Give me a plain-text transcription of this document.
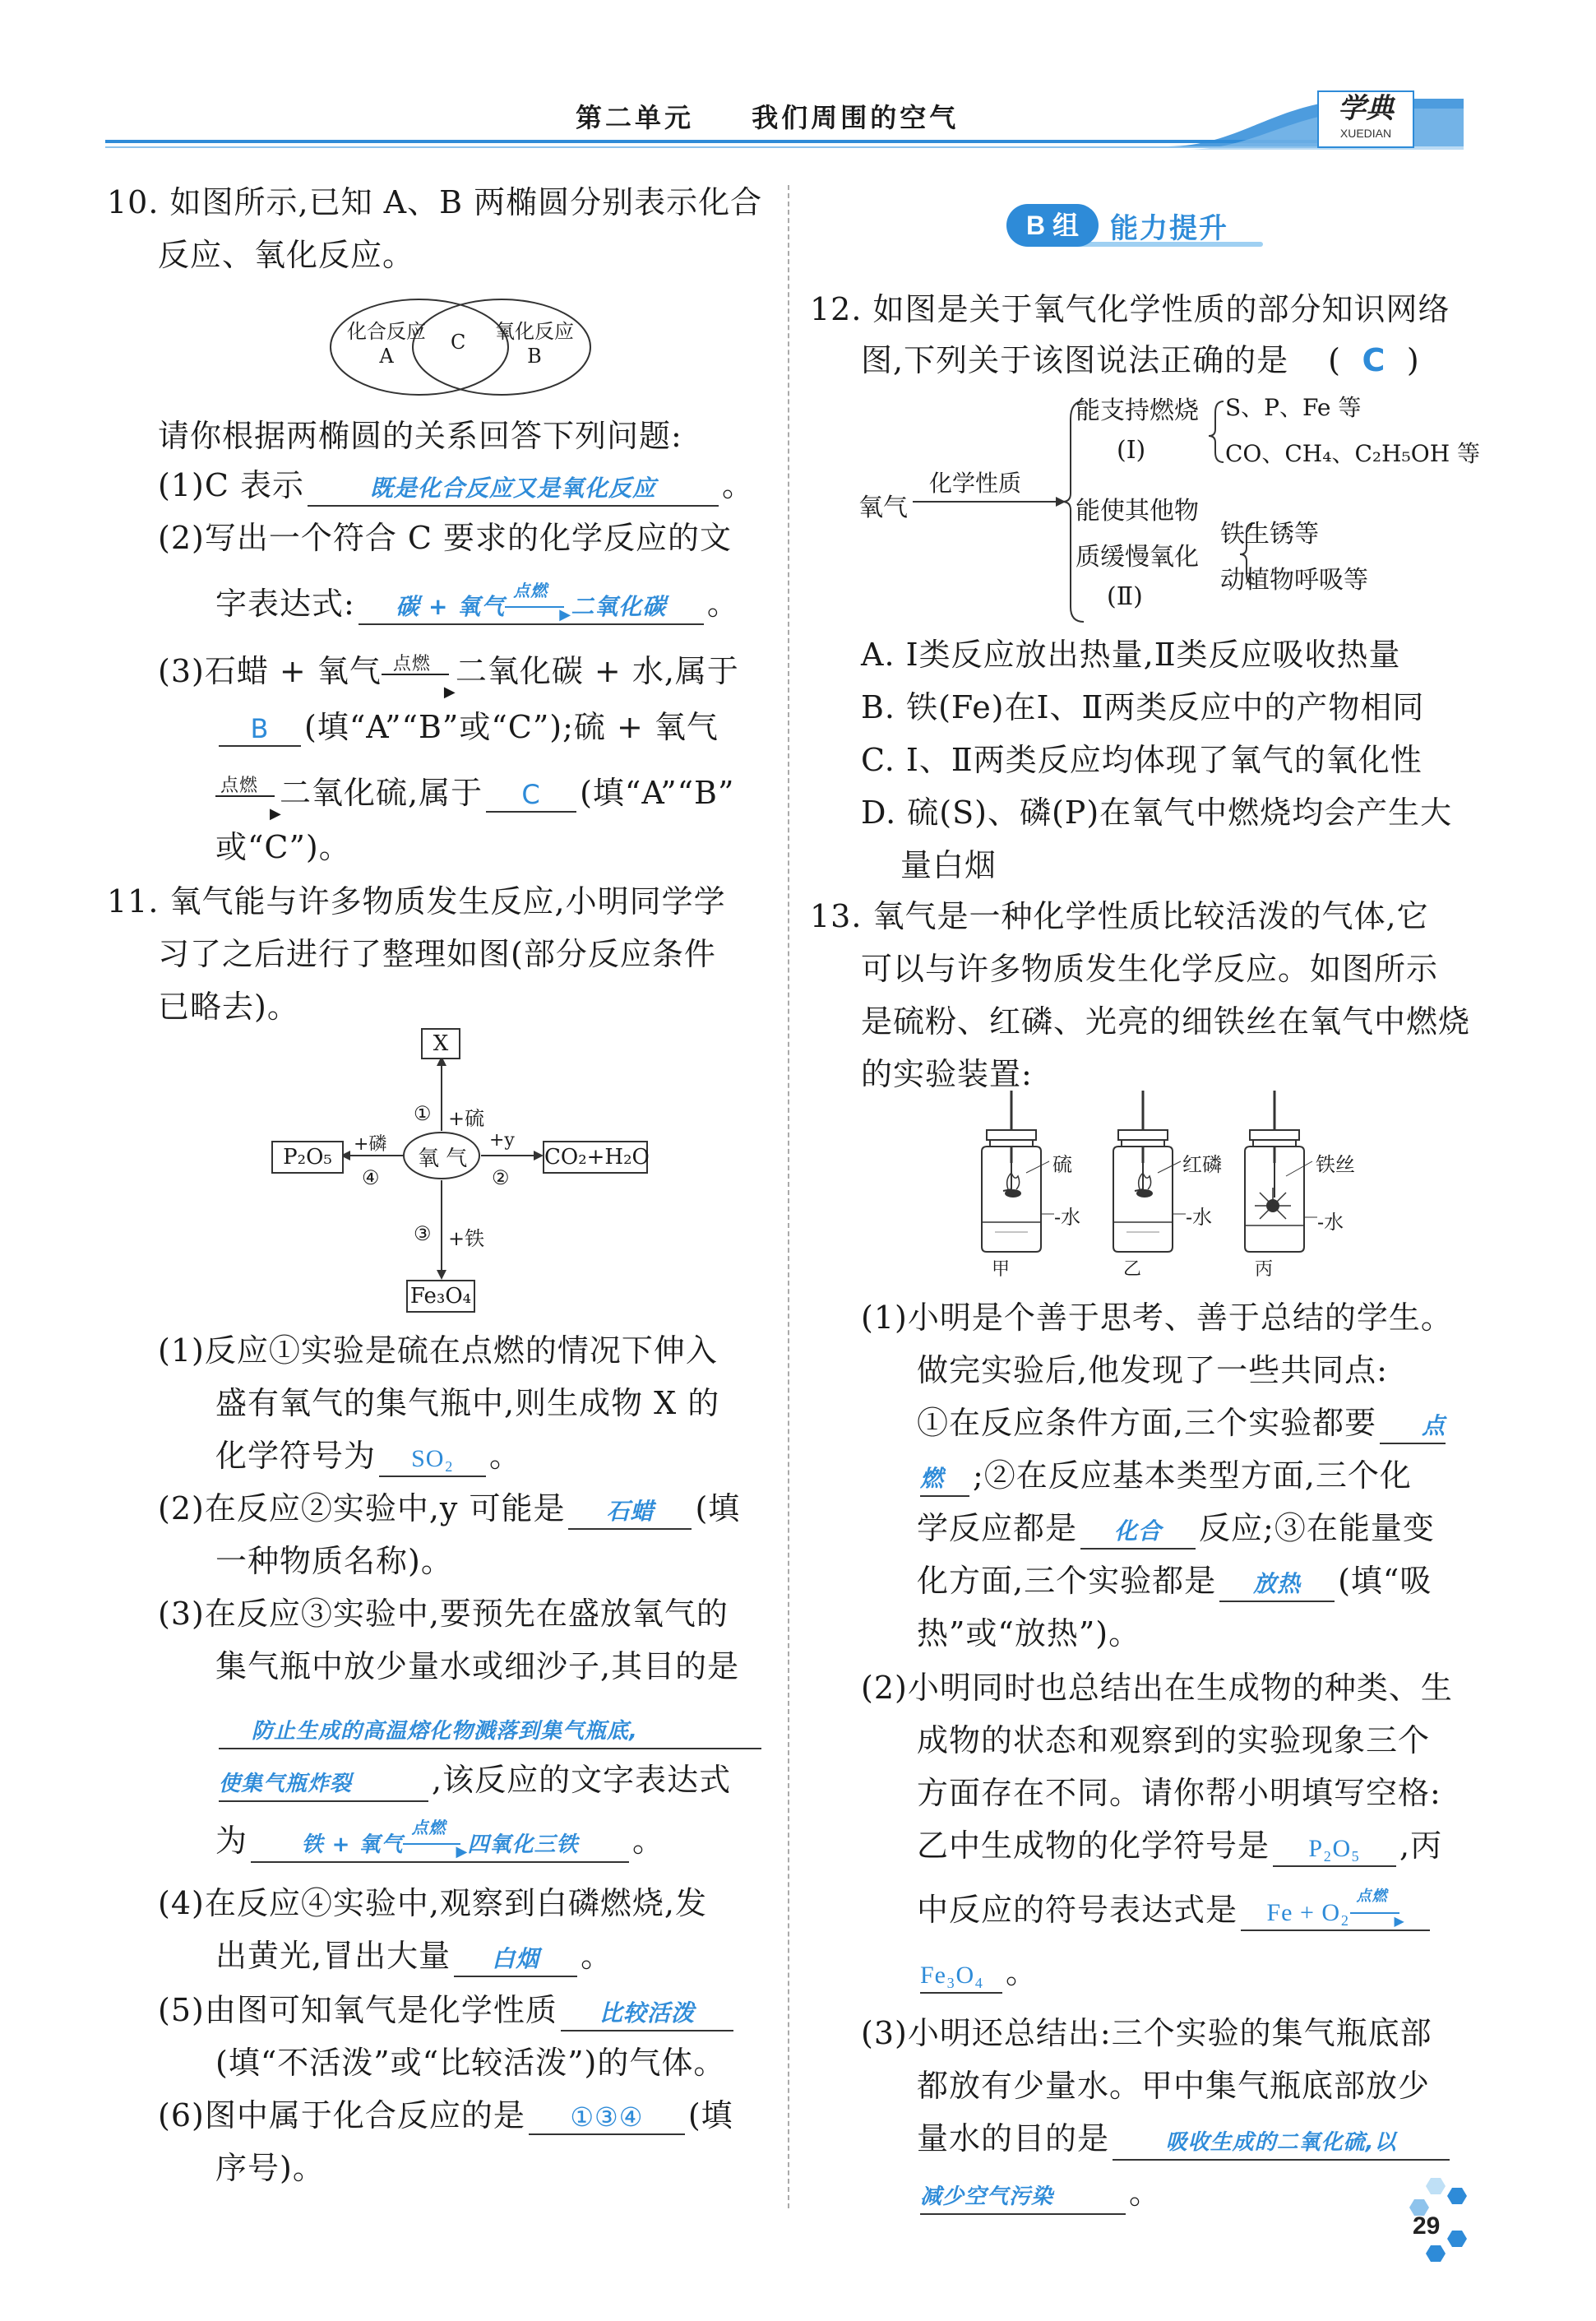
第二单元 我们周围的空气	学典
XUEDIAN
10. 如图所示,已知 A、B 两椭圆分别表示化合
反应、氧化反应。
化合反应
A
C	氧化反应
B
请你根据两椭圆的关系回答下列问题:
(1)C 表示	既是化合反应又是氧化反应 。
(2)写出一个符合 C 要求的化学反应的文
字表达式: 碳 + 氧气
点燃
▶ 二氧化碳 。
(3)石蜡 + 氧气 点燃
▶
二氧化碳 + 水,属于
B (填“A”“B”或“C”);硫 + 氧气
点燃
▶
二氧化硫,属于 C (填“A”“B”
或“C”)。
11. 氧气能与许多物质发生反应,小明同学学
习了之后进行了整理如图(部分反应条件
已略去)。
X
① +硫
P₂O₅
+磷
④
氧 气
+y
②
CO₂+H₂O
③ +铁
Fe₃O₄
(1)反应①实验是硫在点燃的情况下伸入
盛有氧气的集气瓶中,则生成物 X 的
化学符号为 SO₂ 。
(2)在反应②实验中,y 可能是 石蜡 (填
一种物质名称)。
(3)在反应③实验中,要预先在盛放氧气的
集气瓶中放少量水或细沙子,其目的是
防止生成的高温熔化物溅落到集气瓶底,
使集气瓶炸裂	,该反应的文字表达式
为	铁 + 氧气
点燃
▶ 四氧化三铁 。
(4)在反应④实验中,观察到白磷燃烧,发
出黄光,冒出大量 白烟 。
(5)由图可知氧气是化学性质 比较活泼
(填“不活泼”或“比较活泼”)的气体。
(6)图中属于化合反应的是 ①③④ (填
序号)。
B 组	能力提升
12. 如图是关于氧气化学性质的部分知识网络
图,下列关于该图说法正确的是 ( C )
氧气
化学性质
能支持燃烧
(Ⅰ)
S、P、Fe 等
CO、CH₄、C₂H₅OH 等
能使其他物
质缓慢氧化
(Ⅱ)
铁生锈等
动植物呼吸等
A. Ⅰ类反应放出热量,Ⅱ类反应吸收热量
B. 铁(Fe)在Ⅰ、Ⅱ两类反应中的产物相同
C. Ⅰ、Ⅱ两类反应均体现了氧气的氧化性
D. 硫(S)、磷(P)在氧气中燃烧均会产生大
量白烟
13. 氧气是一种化学性质比较活泼的气体,它
可以与许多物质发生化学反应。如图所示
是硫粉、红磷、光亮的细铁丝在氧气中燃烧
的实验装置:
硫
-水
红磷
-水
铁丝
-水
甲	乙	丙
(1)小明是个善于思考、善于总结的学生。
做完实验后,他发现了一些共同点:
①在反应条件方面,三个实验都要 点
燃 ;②在反应基本类型方面,三个化
学反应都是 化合 反应;③在能量变
化方面,三个实验都是 放热 (填“吸
热”或“放热”)。
(2)小明同时也总结出在生成物的种类、生
成物的状态和观察到的实验现象三个
方面存在不同。请你帮小明填写空格:
乙中生成物的化学符号是 P₂O₅ ,丙
中反应的符号表达式是 Fe + O₂
点燃
▶
Fe₃O₄ 。
(3)小明还总结出:三个实验的集气瓶底部
都放有少量水。甲中集气瓶底部放少
量水的目的是	吸收生成的二氧化硫,以
减少空气污染 。
29
